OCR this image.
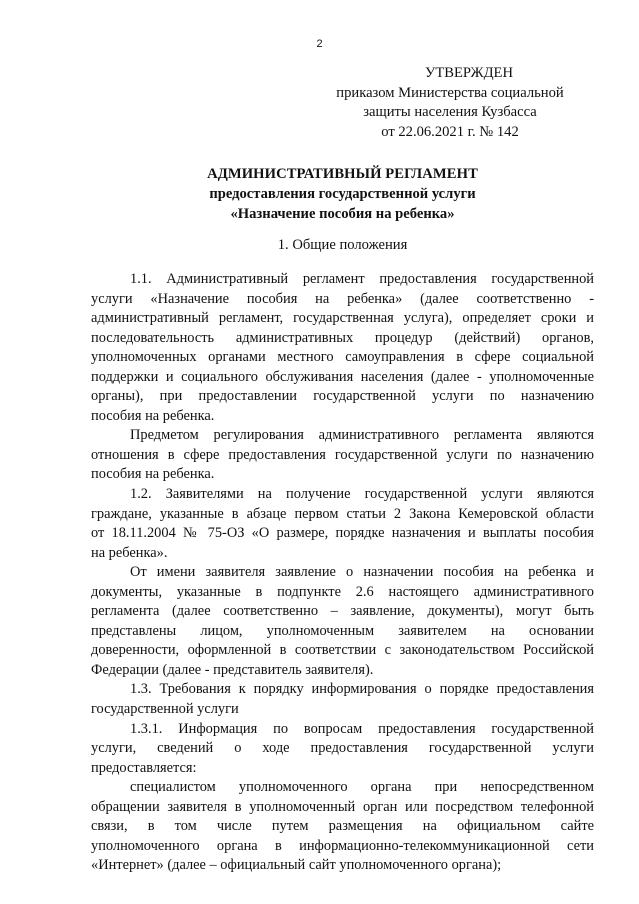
2
УТВЕРЖДЕН
приказом Министерства социальной
защиты населения Кузбасса
от 22.06.2021 г. № 142
АДМИНИСТРАТИВНЫЙ РЕГЛАМЕНТ
предоставления государственной услуги
«Назначение пособия на ребенка»
1. Общие положения

1.1. Административный регламент предоставления государственной
услуги «Назначение пособия на ребенка» (далее соответственно -
административный регламент, государственная услуга), определяет сроки и
последовательность административных процедур (действий) органов,
уполномоченных органами местного самоуправления в сфере социальной
поддержки и социального обслуживания населения (далее - уполномоченные
органы), при предоставлении государственной услуги по назначению
пособия на ребенка.

Предметом регулирования административного регламента являются
отношения в сфере предоставления государственной услуги по назначению
пособия на ребенка.

1.2. Заявителями на получение государственной услуги являются
граждане, указанные в абзаце первом статьи 2 Закона Кемеровской области
от 18.11.2004 № 75-ОЗ «О размере, порядке назначения и выплаты пособия
на ребенка».

От имени заявителя заявление о назначении пособия на ребенка и
документы, указанные в подпункте 2.6 настоящего административного
регламента (далее соответственно – заявление, документы), могут быть
представлены лицом, уполномоченным заявителем на основании
доверенности, оформленной в соответствии с законодательством Российской
Федерации (далее - представитель заявителя).

1.3. Требования к порядку информирования о порядке предоставления
государственной услуги

1.3.1. Информация по вопросам предоставления государственной
услуги, сведений о ходе предоставления государственной услуги
предоставляется:

специалистом уполномоченного органа при непосредственном
обращении заявителя в уполномоченный орган или посредством телефонной
связи, в том числе путем размещения на официальном сайте
уполномоченного органа в информационно-телекоммуникационной сети
«Интернет» (далее – официальный сайт уполномоченного органа);
